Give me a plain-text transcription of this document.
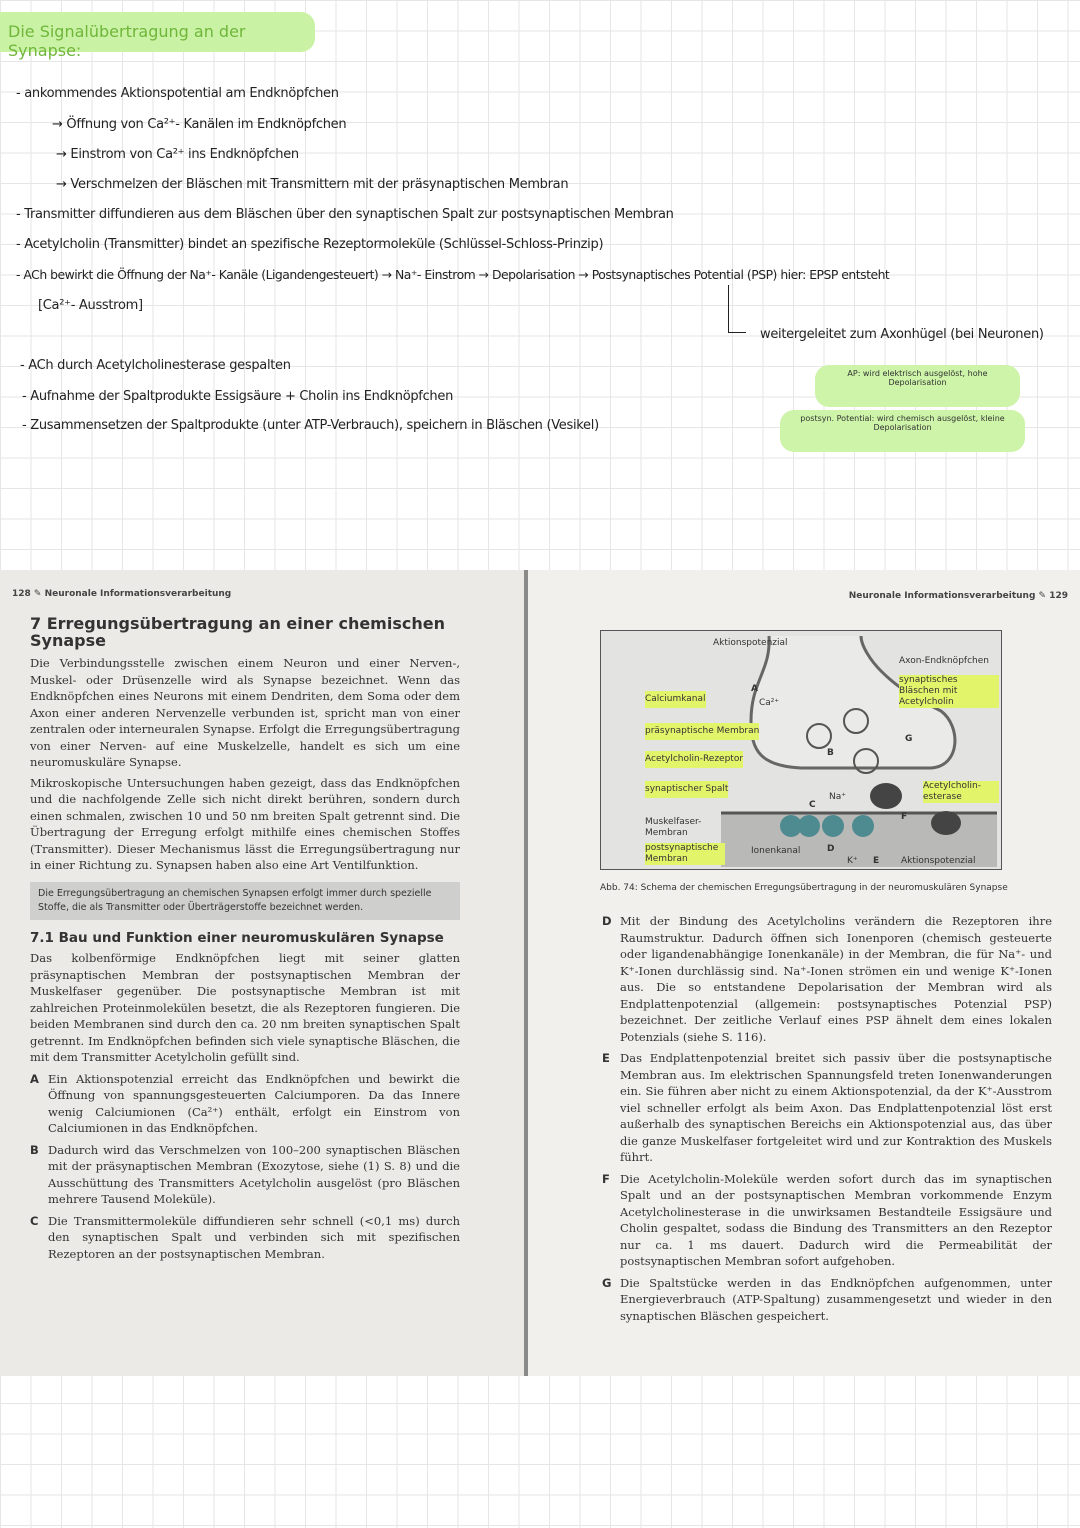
Die Signalübertragung an der Synapse:
- ankommendes Aktionspotential am Endknöpfchen
→ Öffnung von Ca²⁺- Kanälen im Endknöpfchen
→ Einstrom von Ca²⁺ ins Endknöpfchen
→ Verschmelzen der Bläschen mit Transmittern mit der präsynaptischen Membran
- Transmitter diffundieren aus dem Bläschen über den synaptischen Spalt zur postsynaptischen Membran
- Acetylcholin (Transmitter) bindet an spezifische Rezeptormoleküle (Schlüssel-Schloss-Prinzip)
- ACh bewirkt die Öffnung der Na⁺- Kanäle (Ligandengesteuert) → Na⁺- Einstrom → Depolarisation → Postsynaptisches Potential (PSP) hier: EPSP entsteht
[Ca²⁺- Ausstrom]
weitergeleitet zum Axonhügel (bei Neuronen)
- ACh durch Acetylcholinesterase gespalten
- Aufnahme der Spaltprodukte Essigsäure + Cholin ins Endknöpfchen
- Zusammensetzen der Spaltprodukte (unter ATP-Verbrauch), speichern in Bläschen (Vesikel)
AP: wird elektrisch ausgelöst, hohe Depolarisation
postsyn. Potential: wird chemisch ausgelöst, kleine Depolarisation
128 ✎ Neuronale Informationsverarbeitung
7 Erregungsübertragung an einer chemischen Synapse
Die Verbindungsstelle zwischen einem Neuron und einer Nerven-, Muskel- oder Drüsenzelle wird als Synapse bezeichnet. Wenn das Endknöpfchen eines Neurons mit einem Dendriten, dem Soma oder dem Axon einer anderen Nervenzelle verbunden ist, spricht man von einer zentralen oder interneuralen Synapse. Erfolgt die Erregungsübertragung von einer Nerven- auf eine Muskelzelle, handelt es sich um eine neuromuskuläre Synapse.
Mikroskopische Untersuchungen haben gezeigt, dass das Endknöpfchen und die nachfolgende Zelle sich nicht direkt berühren, sondern durch einen schmalen, zwischen 10 und 50 nm breiten Spalt getrennt sind. Die Übertragung der Erregung erfolgt mithilfe eines chemischen Stoffes (Transmitter). Dieser Mechanismus lässt die Erregungsübertragung nur in einer Richtung zu. Synapsen haben also eine Art Ventilfunktion.
Die Erregungsübertragung an chemischen Synapsen erfolgt immer durch spezielle Stoffe, die als Transmitter oder Überträgerstoffe bezeichnet werden.
7.1 Bau und Funktion einer neuromuskulären Synapse
Das kolbenförmige Endknöpfchen liegt mit seiner glatten präsynaptischen Membran der postsynaptischen Membran der Muskelfaser gegenüber. Die postsynaptische Membran ist mit zahlreichen Proteinmolekülen besetzt, die als Rezeptoren fungieren. Die beiden Membranen sind durch den ca. 20 nm breiten synaptischen Spalt getrennt. Im Endknöpfchen befinden sich viele synaptische Bläschen, die mit dem Transmitter Acetylcholin gefüllt sind.
A Ein Aktionspotenzial erreicht das Endknöpfchen und bewirkt die Öffnung von spannungsgesteuerten Calciumporen. Da das Innere wenig Calciumionen (Ca²⁺) enthält, erfolgt ein Einstrom von Calciumionen in das Endknöpfchen.
B Dadurch wird das Verschmelzen von 100–200 synaptischen Bläschen mit der präsynaptischen Membran (Exozytose, siehe (1) S. 8) und die Ausschüttung des Transmitters Acetylcholin ausgelöst (pro Bläschen mehrere Tausend Moleküle).
C Die Transmittermoleküle diffundieren sehr schnell (<0,1 ms) durch den synaptischen Spalt und verbinden sich mit spezifischen Rezeptoren an der postsynaptischen Membran.
Neuronale Informationsverarbeitung ✎ 129
Aktionspotenzial
Axon-Endknöpfchen
synaptisches Bläschen mit Acetylcholin
Calciumkanal
präsynaptische Membran
Acetylcholin-Rezeptor
synaptischer Spalt
Muskelfaser-Membran
postsynaptische Membran
Ionenkanal
Acetylcholin-esterase
Aktionspotenzial
A
B
C
D
E
F
G
Ca²⁺
Na⁺
K⁺
Abb. 74: Schema der chemischen Erregungsübertragung in der neuromuskulären Synapse
D Mit der Bindung des Acetylcholins verändern die Rezeptoren ihre Raumstruktur. Dadurch öffnen sich Ionenporen (chemisch gesteuerte oder ligandenabhängige Ionenkanäle) in der Membran, die für Na⁺- und K⁺-Ionen durchlässig sind. Na⁺-Ionen strömen ein und wenige K⁺-Ionen aus. Die so entstandene Depolarisation der Membran wird als Endplattenpotenzial (allgemein: postsynaptisches Potenzial PSP) bezeichnet. Der zeitliche Verlauf eines PSP ähnelt dem eines lokalen Potenzials (siehe S. 116).
E Das Endplattenpotenzial breitet sich passiv über die postsynaptische Membran aus. Im elektrischen Spannungsfeld treten Ionenwanderungen ein. Sie führen aber nicht zu einem Aktionspotenzial, da der K⁺-Ausstrom viel schneller erfolgt als beim Axon. Das Endplattenpotenzial löst erst außerhalb des synaptischen Bereichs ein Aktionspotenzial aus, das über die ganze Muskelfaser fortgeleitet wird und zur Kontraktion des Muskels führt.
F Die Acetylcholin-Moleküle werden sofort durch das im synaptischen Spalt und an der postsynaptischen Membran vorkommende Enzym Acetylcholinesterase in die unwirksamen Bestandteile Essigsäure und Cholin gespaltet, sodass die Bindung des Transmitters an den Rezeptor nur ca. 1 ms dauert. Dadurch wird die Permeabilität der postsynaptischen Membran sofort aufgehoben.
G Die Spaltstücke werden in das Endknöpfchen aufgenommen, unter Energieverbrauch (ATP-Spaltung) zusammengesetzt und wieder in den synaptischen Bläschen gespeichert.
